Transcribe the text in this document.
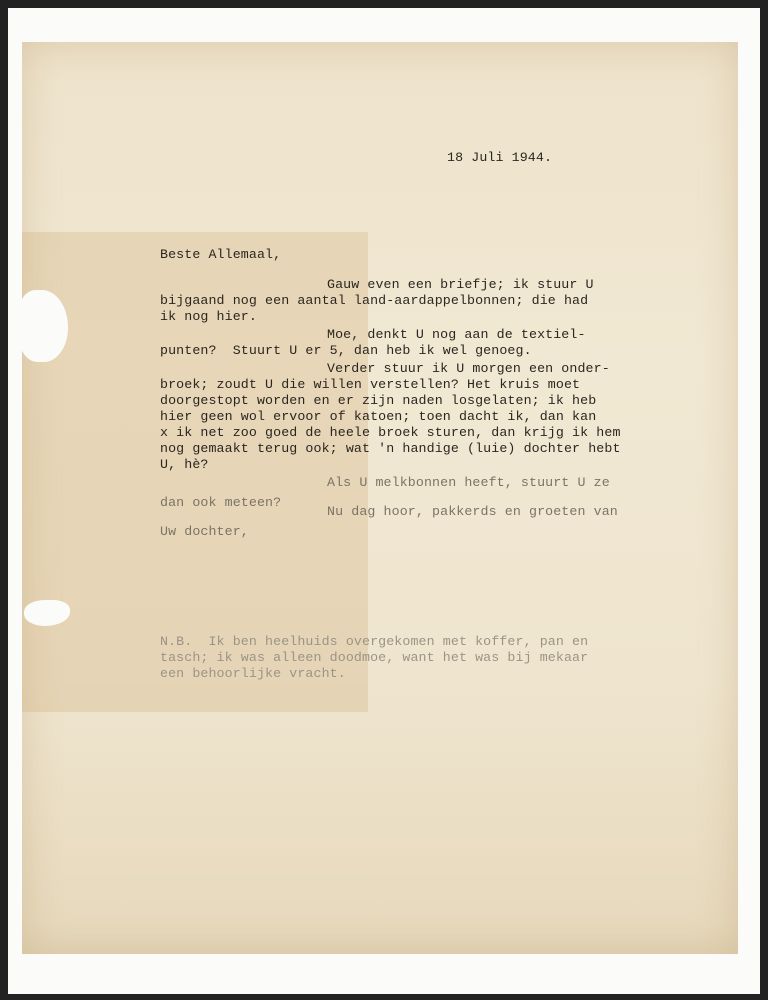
18 Juli 1944.
Beste Allemaal,
Gauw even een briefje; ik stuur U
bijgaand nog een aantal land-aardappelbonnen; die had
ik nog hier.
Moe, denkt U nog aan de textiel-
punten?  Stuurt U er 5, dan heb ik wel genoeg.
Verder stuur ik U morgen een onder-
broek; zoudt U die willen verstellen? Het kruis moet
doorgestopt worden en er zijn naden losgelaten; ik heb
hier geen wol ervoor of katoen; toen dacht ik, dan kan
x ik net zoo goed de heele broek sturen, dan krijg ik hem
nog gemaakt terug ook; wat 'n handige (luie) dochter hebt
U, hè?
Als U melkbonnen heeft, stuurt U ze
dan ook meteen?
Nu dag hoor, pakkerds en groeten van
Uw dochter,
N.B.  Ik ben heelhuids overgekomen met koffer, pan en
tasch; ik was alleen doodmoe, want het was bij mekaar
een behoorlijke vracht.
